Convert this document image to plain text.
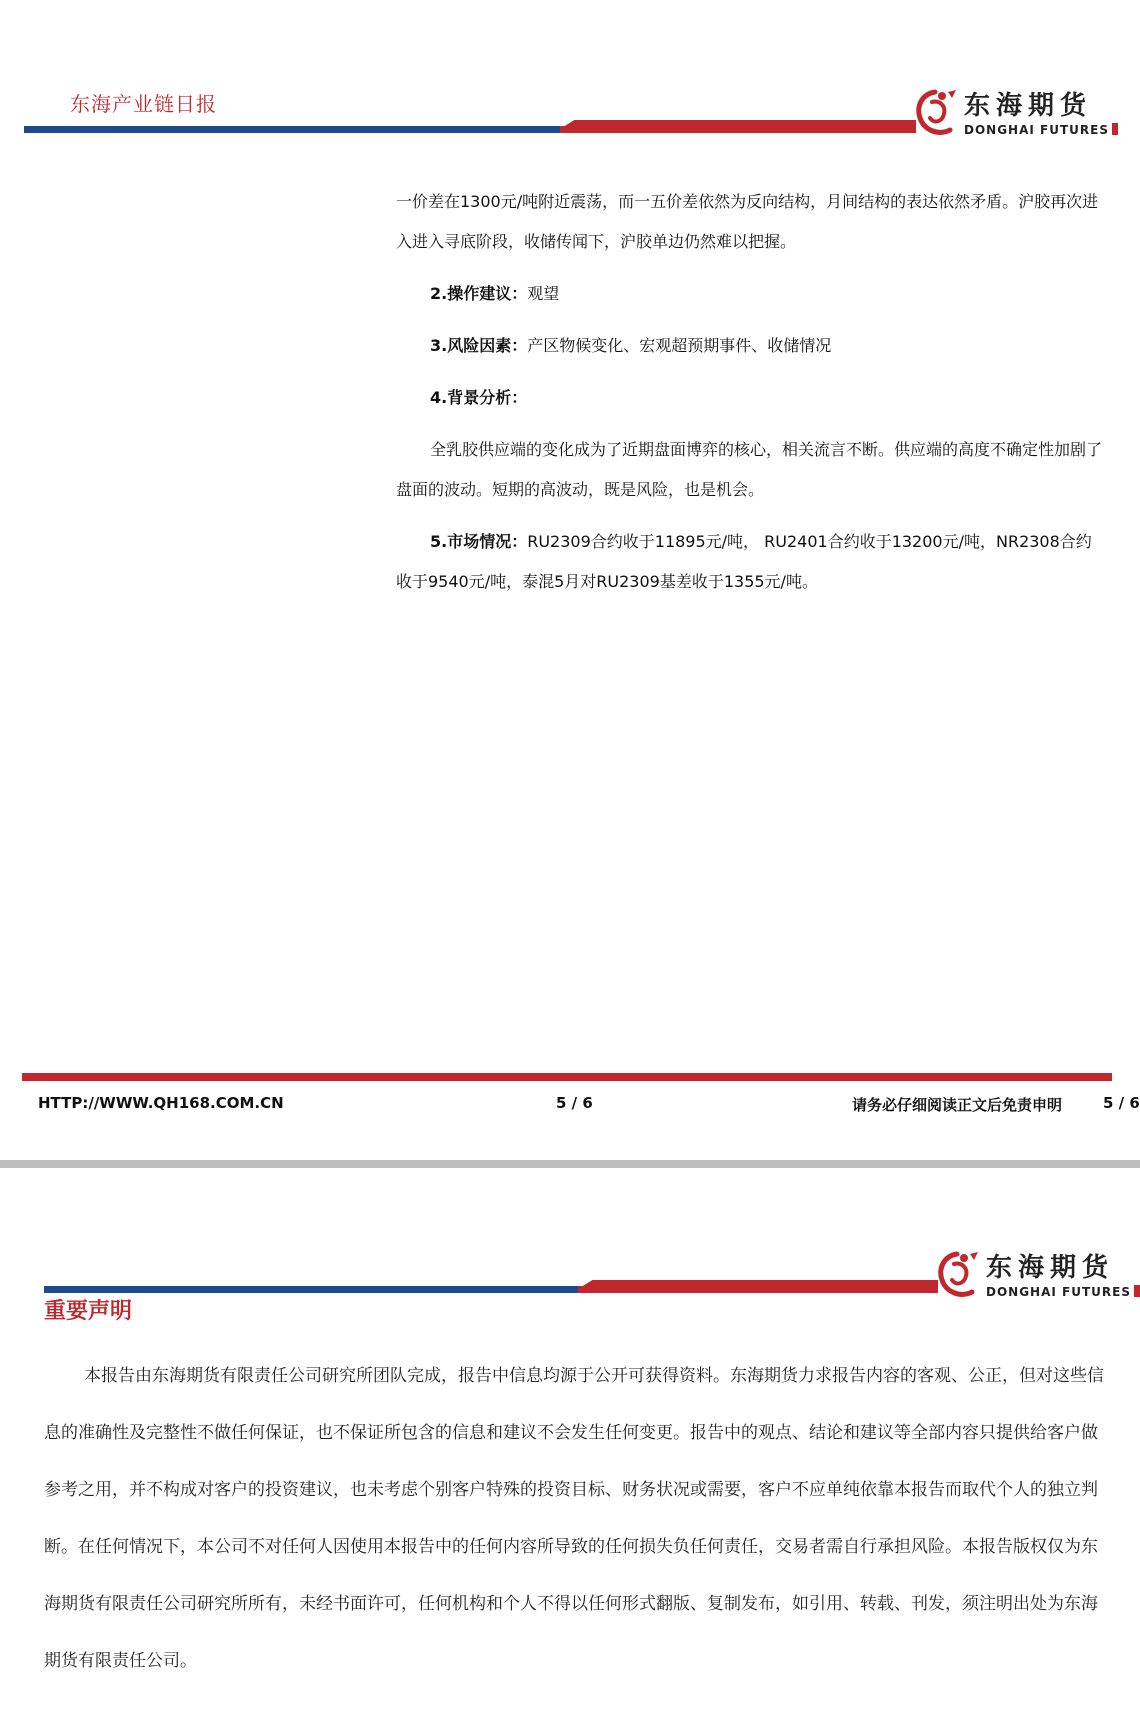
东海产业链日报	东海期货
DONGHAI FUTURES

一价差在1300元/吨附近震荡，而一五价差依然为反向结构，月间结构的表达依然矛盾。沪胶再次进入进入寻底阶段，收储传闻下，沪胶单边仍然难以把握。

2.操作建议：观望

3.风险因素：产区物候变化、宏观超预期事件、收储情况

4.背景分析：

全乳胶供应端的变化成为了近期盘面博弈的核心，相关流言不断。供应端的高度不确定性加剧了盘面的波动。短期的高波动，既是风险，也是机会。

5.市场情况：RU2309合约收于11895元/吨， RU2401合约收于13200元/吨，NR2308合约收于9540元/吨，泰混5月对RU2309基差收于1355元/吨。

HTTP://WWW.QH168.COM.CN	5 / 6	请务必仔细阅读正文后免责申明	5 / 6
东海期货
DONGHAI FUTURES
重要声明

本报告由东海期货有限责任公司研究所团队完成，报告中信息均源于公开可获得资料。东海期货力求报告内容的客观、公正，但对这些信息的准确性及完整性不做任何保证，也不保证所包含的信息和建议不会发生任何变更。报告中的观点、结论和建议等全部内容只提供给客户做参考之用，并不构成对客户的投资建议，也未考虑个别客户特殊的投资目标、财务状况或需要，客户不应单纯依靠本报告而取代个人的独立判断。在任何情况下，本公司不对任何人因使用本报告中的任何内容所导致的任何损失负任何责任，交易者需自行承担风险。本报告版权仅为东海期货有限责任公司研究所所有，未经书面许可，任何机构和个人不得以任何形式翻版、复制发布，如引用、转载、刊发，须注明出处为东海期货有限责任公司。
